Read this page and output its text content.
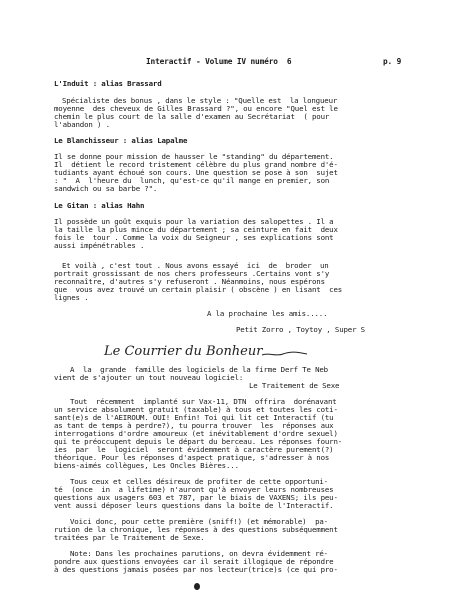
Interactif - Volume IV numéro  6	p. 9
L'Induit : alias Brassard
Spécialiste des bonus , dans le style : "Quelle est  la longueur
moyenne  des cheveux de Gilles Brassard ?", ou encore "Quel est le
chemin le plus court de la salle d'examen au Secrétariat  ( pour
l'abandon ) .
Le Blanchisseur : alias Lapalme
Il se donne pour mission de hausser le "standing" du département.
Il  détient le record tristement célèbre du plus grand nombre d'é-
tudiants ayant échoué son cours. Une question se pose à son  sujet
: "  A  l'heure du  lunch, qu'est-ce qu'il mange en premier, son
sandwich ou sa barbe ?".
Le Gitan : alias Hahn
Il possède un goût exquis pour la variation des salopettes . Il a
la taille la plus mince du département ; sa ceinture en fait  deux
fois le  tour . Comme la voix du Seigneur , ses explications sont
aussi impénétrables .
Et voilà , c'est tout . Nous avons essayé  ici  de  broder  un
portrait grossissant de nos chers professeurs .Certains vont s'y
reconnaître, d'autres s'y refuseront . Néanmoins, nous espérons
que  vous avez trouvé un certain plaisir ( obscène ) en lisant  ces
lignes .
A la prochaine les amis.....
Petit Zorro , Toytoy , Super S
Le Courrier du Bonheur
A  la  grande  famille des logiciels de la firme Derf Te Neb
vient de s'ajouter un tout nouveau logiciel:
Le Traitement de Sexe
Tout  récemment  implanté sur Vax-11, DTN  offrira  dorénavant
un service absolument gratuit (taxable) à tous et toutes les coti-
sant(e)s de l'AEIROUM. OUI! Enfin! Toi qui lit cet Interactif (tu
as tant de temps à perdre?), tu pourra trouver  les  réponses aux
interrogations d'ordre amoureux (et inévitablement d'ordre sexuel)
qui te préoccupent depuis le départ du berceau. Les réponses fourn-
ies  par  le  logiciel  seront évidemment à caractère purement(?)
théorique. Pour les réponses d'aspect pratique, s'adresser à nos
biens-aimés collègues, Les Oncles Bières...
Tous ceux et celles désireux de profiter de cette opportuni-
té  (once  in  a lifetime) n'auront qu'à envoyer leurs nombreuses
questions aux usagers 603 et 787, par le biais de VAXENS; ils peu-
vent aussi déposer leurs questions dans la boîte de l'Interactif.
Voici donc, pour cette première (sniff!) (et mémorable)  pa-
rution de la chronique, les réponses à des questions subséquemment
traitées par le Traitement de Sexe.
Note: Dans les prochaines parutions, on devra évidemment ré-
pondre aux questions envoyées car il serait illogique de répondre
à des questions jamais posées par nos lecteur(trice)s (ce qui pro-
